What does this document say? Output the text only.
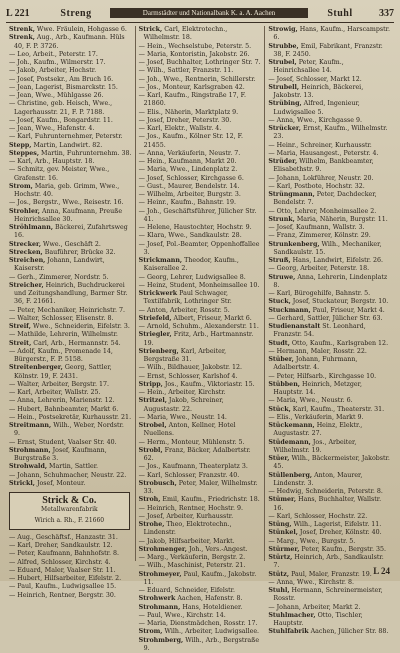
L 221	Streng	Darmstädter und Nationalbank K. a. A. Aachen	Stuhl	337

Strenk, Wwe. Fräulein, Hohgasse 6.

Strenk, Aug., Arb., Kaufmann. Hüls 40, F. P. 3726.

— Leo, Arbeit., Peterstr. 17.

— Joh., Kaufm., Wilmerstr. 17.

— Jakob, Arbeiter, Hochstr.

— Josef, Postsekr., Am Bruch 16.

— Jean, Lagerist, Bismarckstr. 15.

— Jean, Wwe., Mühlgasse 26.

— Christine, geb. Heisch, Wwe., Lagerhausstr. 21, F. P. 7188.

— Josef, Kaufm., Bongardstr. 11.

— Jean, Wwe., Hafenstr. 4.

— Karl, Fuhrunternehmer, Peterstr.

Stepp, Martin, Landwirt. 82.

Steppes, Martin, Fuhrunternehm. 38.

— Karl, Arb., Hauptstr. 18.

— Schmitz, gev. Meister, Wwe., Grafenstr. 16.

Strom, Maria, geb. Grimm, Wwe., Hochstr. 40.

— Jos., Bergstr., Wwe., Reisestr. 16.

Strohler, Anna, Kaufmann, Preuße Heinrichsallee 30.

Ströhlmann, Bäckerei, Zufahrtsweg 16.

Strecker, Wwe., Geschäft 2.

Strecken, Bauführer, Brücke 32.

Streichen, Johann, Landwirt, Kaiserstr.

— Gerh., Zimmerer, Nordstr. 5.

Streicher, Heinrich, Buchdruckerei und Zeitungshandlung, Barmer Str. 36, F. 21661.

— Peter, Mechaniker, Heinrichstr. 7.

— Walter, Schlosser, Elisenstr. 8.

Streif, Wwe., Schneiderin, Eifelstr. 3.

— Mathilde, Lehrerin, Wilhelmstr.

Streit, Carl, Arb., Hermannstr. 54.

— Adolf, Kaufm., Promenade 14, Bürgerstr., F. P. 5158.

Streitenberger, Georg, Sattler, Kölnstr. 19, F. 2431.

— Walter, Arbeiter, Bergstr. 17.

— Karl, Arbeiter, Wallstr. 25.

— Anna, Lehrerin, Marienstr. 12.

— Hubert, Bahnbeamter, Markt 6.

— Hein., Postsekretär, Kurhausstr. 21.

Streitmann, Wilh., Weber, Nordstr. 9.

— Ernst, Student, Vaalser Str. 40.

Strohmann, Josef, Kaufmann, Burgstraße 3.

Strohwald, Martin, Sattler.

— Johann, Schuhmacher, Neustr. 22.

Strickl, Josef, Monteur.

Strick & Co.
Metallwarenfabrik
Wirich a. Rh., F. 21660

— Aug., Geschäftsf., Hanzastr. 31.

— Karl, Dreher, Sandkaulstr. 12.

— Peter, Kaufmann, Bahnhofstr. 8.

— Alfred, Schlosser, Kirchstr. 4.

— Eduard, Maler, Vaalser Str. 11.

— Hubert, Hilfsarbeiter, Eifelstr. 2.

— Paul, Kaufm., Ludwigsallee 15.

— Heinrich, Rentner, Bergstr. 30.

Strick, Carl, Elektrotechn., Wilhelmstr. 18.

— Hein., Wechselstube, Peterstr. 5.

— Maria, Kontoristin, Jakobstr. 26.

— Josef, Buchhalter, Lothringer Str. 7.

— Wilh., Sattler, Franzstr. 11.

— Joh., Wwe., Rentnerin, Schillerstr.

— Jos., Monteur, Karlsgraben 42.

— Karl, Kaufm., Ringstraße 17, F. 21860.

— Elis., Näherin, Marktplatz 9.

— Josef, Dreher, Peterstr. 30.

— Karl, Elektr., Wallstr. 4.

— Jos., Kaufm., Kölner Str. 12, F. 21455.

— Anna, Verkäuferin, Neustr. 7.

— Hein., Kaufmann, Markt 20.

— Maria, Wwe., Lindenplatz 2.

— Josef, Schlosser, Kirchgasse 6.

— Gust., Maurer, Bendelstr. 14.

— Wilhelm, Arbeiter, Burgstr. 3.

— Heinr., Kaufm., Bahnstr. 19.

— Joh., Geschäftsführer, Jülicher Str. 41.

— Helene, Haustochter, Hochstr. 9.

— Klara, Wwe., Sandkaulstr. 28.

— Josef, Pol.-Beamter, Oppenhoffallee 3.

Strickmann, Theodor, Kaufm., Kaiserallee 2.

— Georg, Lehrer, Ludwigsallee 8.

— Heinz, Student, Monheimsallee 10.

Strickwerk Paul Schwager, Textilfabrik, Lothringer Str.

— Anton, Arbeiter, Rosstr. 5.

Striefeld, Albert, Friseur, Markt 6.

— Arnold, Schuhm., Alexanderstr. 11.

Striegler, Fritz, Arb., Hartmannstr. 19.

Strienberg, Karl, Arbeiter, Bergstraße 31.

— Wilh., Bildhauer, Jakobstr. 12.

— Ernst, Schlosser, Karlshof 4.

Stripp, Jos., Kaufm., Viktoriastr. 15.

— Hein., Arbeiter, Kirchstr.

Stritzel, Jakob, Schreiner, Augustastr. 22.

— Maria, Wwe., Neustr. 14.

Strobel, Anton, Kellner, Hotel Nuellens.

— Herm., Monteur, Mühlenstr. 5.

Strobl, Franz, Bäcker, Adalbertstr. 62.

— Jos., Kaufmann, Theaterplatz 3.

— Karl, Schlosser, Franzstr. 40.

Strobusch, Peter, Maler, Wilhelmstr. 33.

Stroh, Emil, Kaufm., Friedrichstr. 18.

— Heinrich, Rentner, Hochstr. 9.

— Josef, Arbeiter, Kurhausstr.

Strohe, Theo, Elektrotechn., Lindenstr.

— Jakob, Hilfsarbeiter, Markt.

Strohmenger, Joh., Vers.-Angest.

— Marg., Verkäuferin, Bergstr. 2.

— Wilh., Maschinist, Peterstr. 21.

Strohmeyer, Paul, Kaufm., Jakobstr. 11.

— Eduard, Schneider, Eifelstr.

Strohwerk Aachen, Hafenstr. 8.

Strohmann, Hans, Hoteldiener.

— Paul, Wwe., Kirchstr. 14.

— Maria, Dienstmädchen, Rosstr. 17.

Strom, Wilh., Arbeiter, Ludwigsallee.

Strohmberg, Wilh., Arb., Bergstraße 9.

Strowig, Hans, Kaufm., Harscampstr. 6.

Strubbe, Emil, Fabrikant, Franzstr. 38, F. 2450.

Strubel, Peter, Kaufm., Heinrichsallee 14.

— Josef, Schlosser, Markt 12.

Strubell, Heinrich, Bäckerei, Jakobstr. 13.

Strübing, Alfred, Ingenieur, Ludwigsallee 5.

— Anna, Wwe., Kirchgasse 9.

Strücker, Ernst, Kaufm., Wilhelmstr. 23.

— Heinr., Schreiner, Kurhausstr.

— Maria, Hausangest., Peterstr. 4.

Strüder, Wilhelm, Bankbeamter, Elisabethstr. 9.

— Johann, Lokführer, Neustr. 20.

— Karl, Postbote, Hochstr. 32.

Strüngmann, Peter, Dachdecker, Bendelstr. 7.

— Otto, Lehrer, Monheimsallee 2.

Strunk, Maria, Näherin, Burgstr. 11.

— Josef, Kaufmann, Wallstr. 3.

— Franz, Zimmerer, Kölnstr. 29.

Strunkenberg, Wilh., Mechaniker, Sandkaulstr. 15.

Struß, Hans, Landwirt, Eifelstr. 26.

— Georg, Arbeiter, Peterstr. 18.

Struwe, Anna, Lehrerin, Lindenplatz 8.

— Karl, Bürogehilfe, Bahnstr. 5.

Stuck, Josef, Stuckateur, Bergstr. 10.

Stuckmann, Paul, Friseur, Markt 4.

— Gerhard, Sattler, Jülicher Str. 63.

Studienanstalt St. Leonhard, Franzstr. 54.

Studt, Otto, Kaufm., Karlsgraben 12.

— Hermann, Maler, Rosstr. 22.

Stüber, Johann, Fuhrmann, Adalbertstr. 4.

— Peter, Hilfsarb., Kirchgasse 10.

Stübben, Heinrich, Metzger, Hauptstr. 14.

— Maria, Wwe., Neustr. 6.

Stück, Karl, Kaufm., Theaterstr. 31.

— Elis., Verkäuferin, Markt 9.

Stückemann, Heinz, Elektr., Augustastr. 27.

Stüdemann, Jos., Arbeiter, Wilhelmstr. 19.

Stüer, Wilh., Bäckermeister, Jakobstr. 45.

Stüllenberg, Anton, Maurer, Lindenstr. 3.

— Hedwig, Schneiderin, Peterstr. 8.

Stümer, Hans, Buchhalter, Wallstr. 16.

— Karl, Schlosser, Hochstr. 22.

Stüng, Wilh., Lagerist, Eifelstr. 11.

Stünkel, Josef, Dreher, Kölnstr. 40.

— Marg., Wwe., Burgstr. 5.

Stürmer, Peter, Kaufm., Bergstr. 35.

Stürtz, Heinrich, Arb., Sandkaulstr. 7.

Stütz, Paul, Maler, Franzstr. 19.

— Anna, Wwe., Kirchstr. 8.

Stuhl, Hermann, Schreinermeister, Rosstr.

— Johann, Arbeiter, Markt 2.

Stuhlmacher, Otto, Tischler, Hauptstr.

Stuhlfabrik Aachen, Jülicher Str. 88.

L 24
